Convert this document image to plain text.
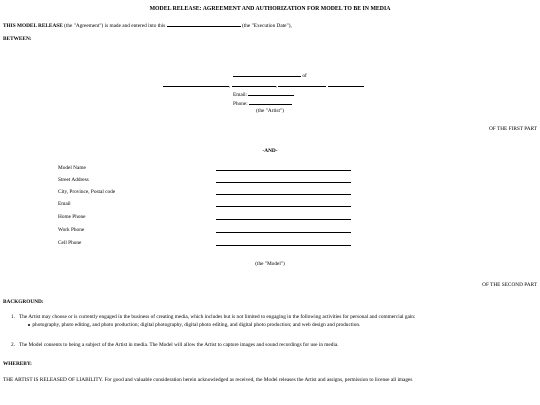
MODEL RELEASE: AGREEMENT AND AUTHORIZATION FOR MODEL TO BE IN MEDIA
THIS MODEL RELEASE (the "Agreement") is made and entered into this	(the "Execution Date"),
BETWEEN:
of
,	,
Email:
Phone:
(the "Artist")
OF THE FIRST PART
-AND-
Model Name
Street Address
City, Province, Postal code
Email
Home Phone
Work Phone
Cell Phone
(the "Model")
OF THE SECOND PART
BACKGROUND:
1. The Artist may choose or is currently engaged in the business of creating media, which includes but is not limited to engaging in the following activities for personal and commercial gain:
photography, photo editing, and photo production; digital photography, digital photo editing, and digital photo production; and web design and production.
2. The Model consents to being a subject of the Artist in media. The Model will allow the Artist to capture images and sound recordings for use in media.
WHEREBY:
THE ARTIST IS RELEASED OF LIABILITY. For good and valuable consideration herein acknowledged as received, the Model releases the Artist and assigns, permission to license all images
